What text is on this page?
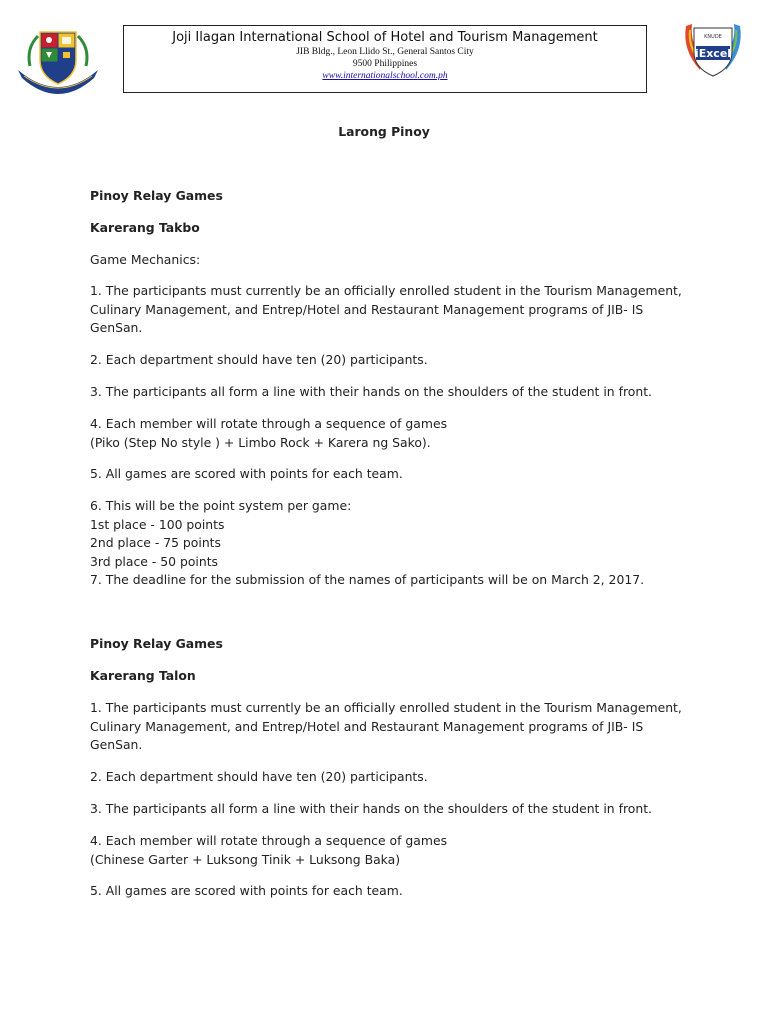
Joji Ilagan International School of Hotel and Tourism Management
JIB Bldg., Leon Llido St., General Santos City
9500 Philippines
www.internationalschool.com.ph
KNUDE
iExcel
Larong Pinoy
Pinoy Relay Games
Karerang Takbo
Game Mechanics:
1. The participants must currently be an officially enrolled student in the Tourism Management,
Culinary Management, and Entrep/Hotel and Restaurant Management programs of JIB- IS
GenSan.
2. Each department should have ten (20) participants.
3. The participants all form a line with their hands on the shoulders of the student in front.
4. Each member will rotate through a sequence of games
(Piko (Step No style ) + Limbo Rock + Karera ng Sako).
5. All games are scored with points for each team.
6. This will be the point system per game:
1st place - 100 points
2nd place - 75 points
3rd place - 50 points
7. The deadline for the submission of the names of participants will be on March 2, 2017.
Pinoy Relay Games
Karerang Talon
1. The participants must currently be an officially enrolled student in the Tourism Management,
Culinary Management, and Entrep/Hotel and Restaurant Management programs of JIB- IS
GenSan.
2. Each department should have ten (20) participants.
3. The participants all form a line with their hands on the shoulders of the student in front.
4. Each member will rotate through a sequence of games
(Chinese Garter + Luksong Tinik + Luksong Baka)
5. All games are scored with points for each team.
